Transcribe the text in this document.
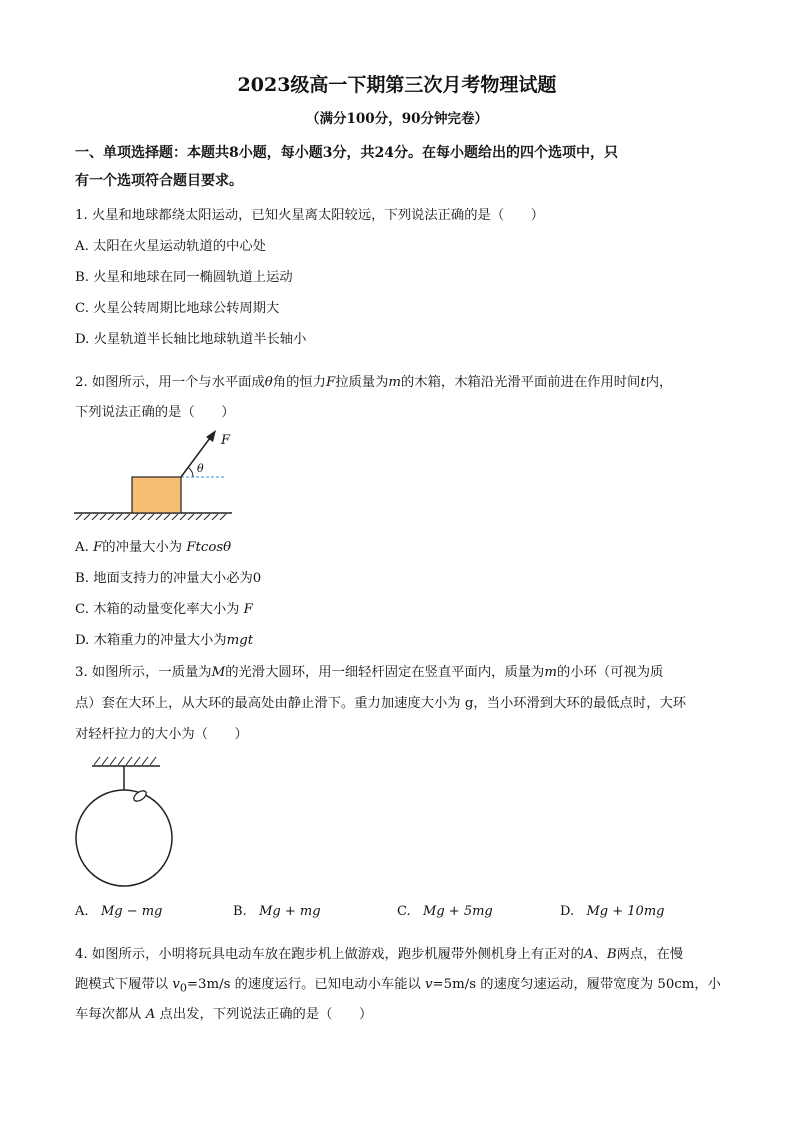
2023级高一下期第三次月考物理试题
（满分100分，90分钟完卷）
一、单项选择题：本题共8小题，每小题3分，共24分。在每小题给出的四个选项中，只
有一个选项符合题目要求。
1. 火星和地球都绕太阳运动，已知火星离太阳较远，下列说法正确的是（　　）
A. 太阳在火星运动轨道的中心处
B. 火星和地球在同一椭圆轨道上运动
C. 火星公转周期比地球公转周期大
D. 火星轨道半长轴比地球轨道半长轴小
2. 如图所示，用一个与水平面成θ角的恒力F拉质量为m的木箱，木箱沿光滑平面前进在作用时间t内，
下列说法正确的是（　　）
F
θ
A. F的冲量大小为 Ftcosθ
B. 地面支持力的冲量大小必为0
C. 木箱的动量变化率大小为 F
D. 木箱重力的冲量大小为mgt
3. 如图所示，一质量为M的光滑大圆环，用一细轻杆固定在竖直平面内，质量为m的小环（可视为质
点）套在大环上，从大环的最高处由静止滑下。重力加速度大小为 g，当小环滑到大环的最低点时，大环
对轻杆拉力的大小为（　　）
A. Mg − mg	B. Mg + mg	C. Mg + 5mg	D. Mg + 10mg
4. 如图所示，小明将玩具电动车放在跑步机上做游戏，跑步机履带外侧机身上有正对的A、B两点，在慢
跑模式下履带以 $v_0=3m/s$ 的速度运行。已知电动小车能以 v=5m/s 的速度匀速运动，履带宽度为 50cm，小
车每次都从 A 点出发，下列说法正确的是（　　）
